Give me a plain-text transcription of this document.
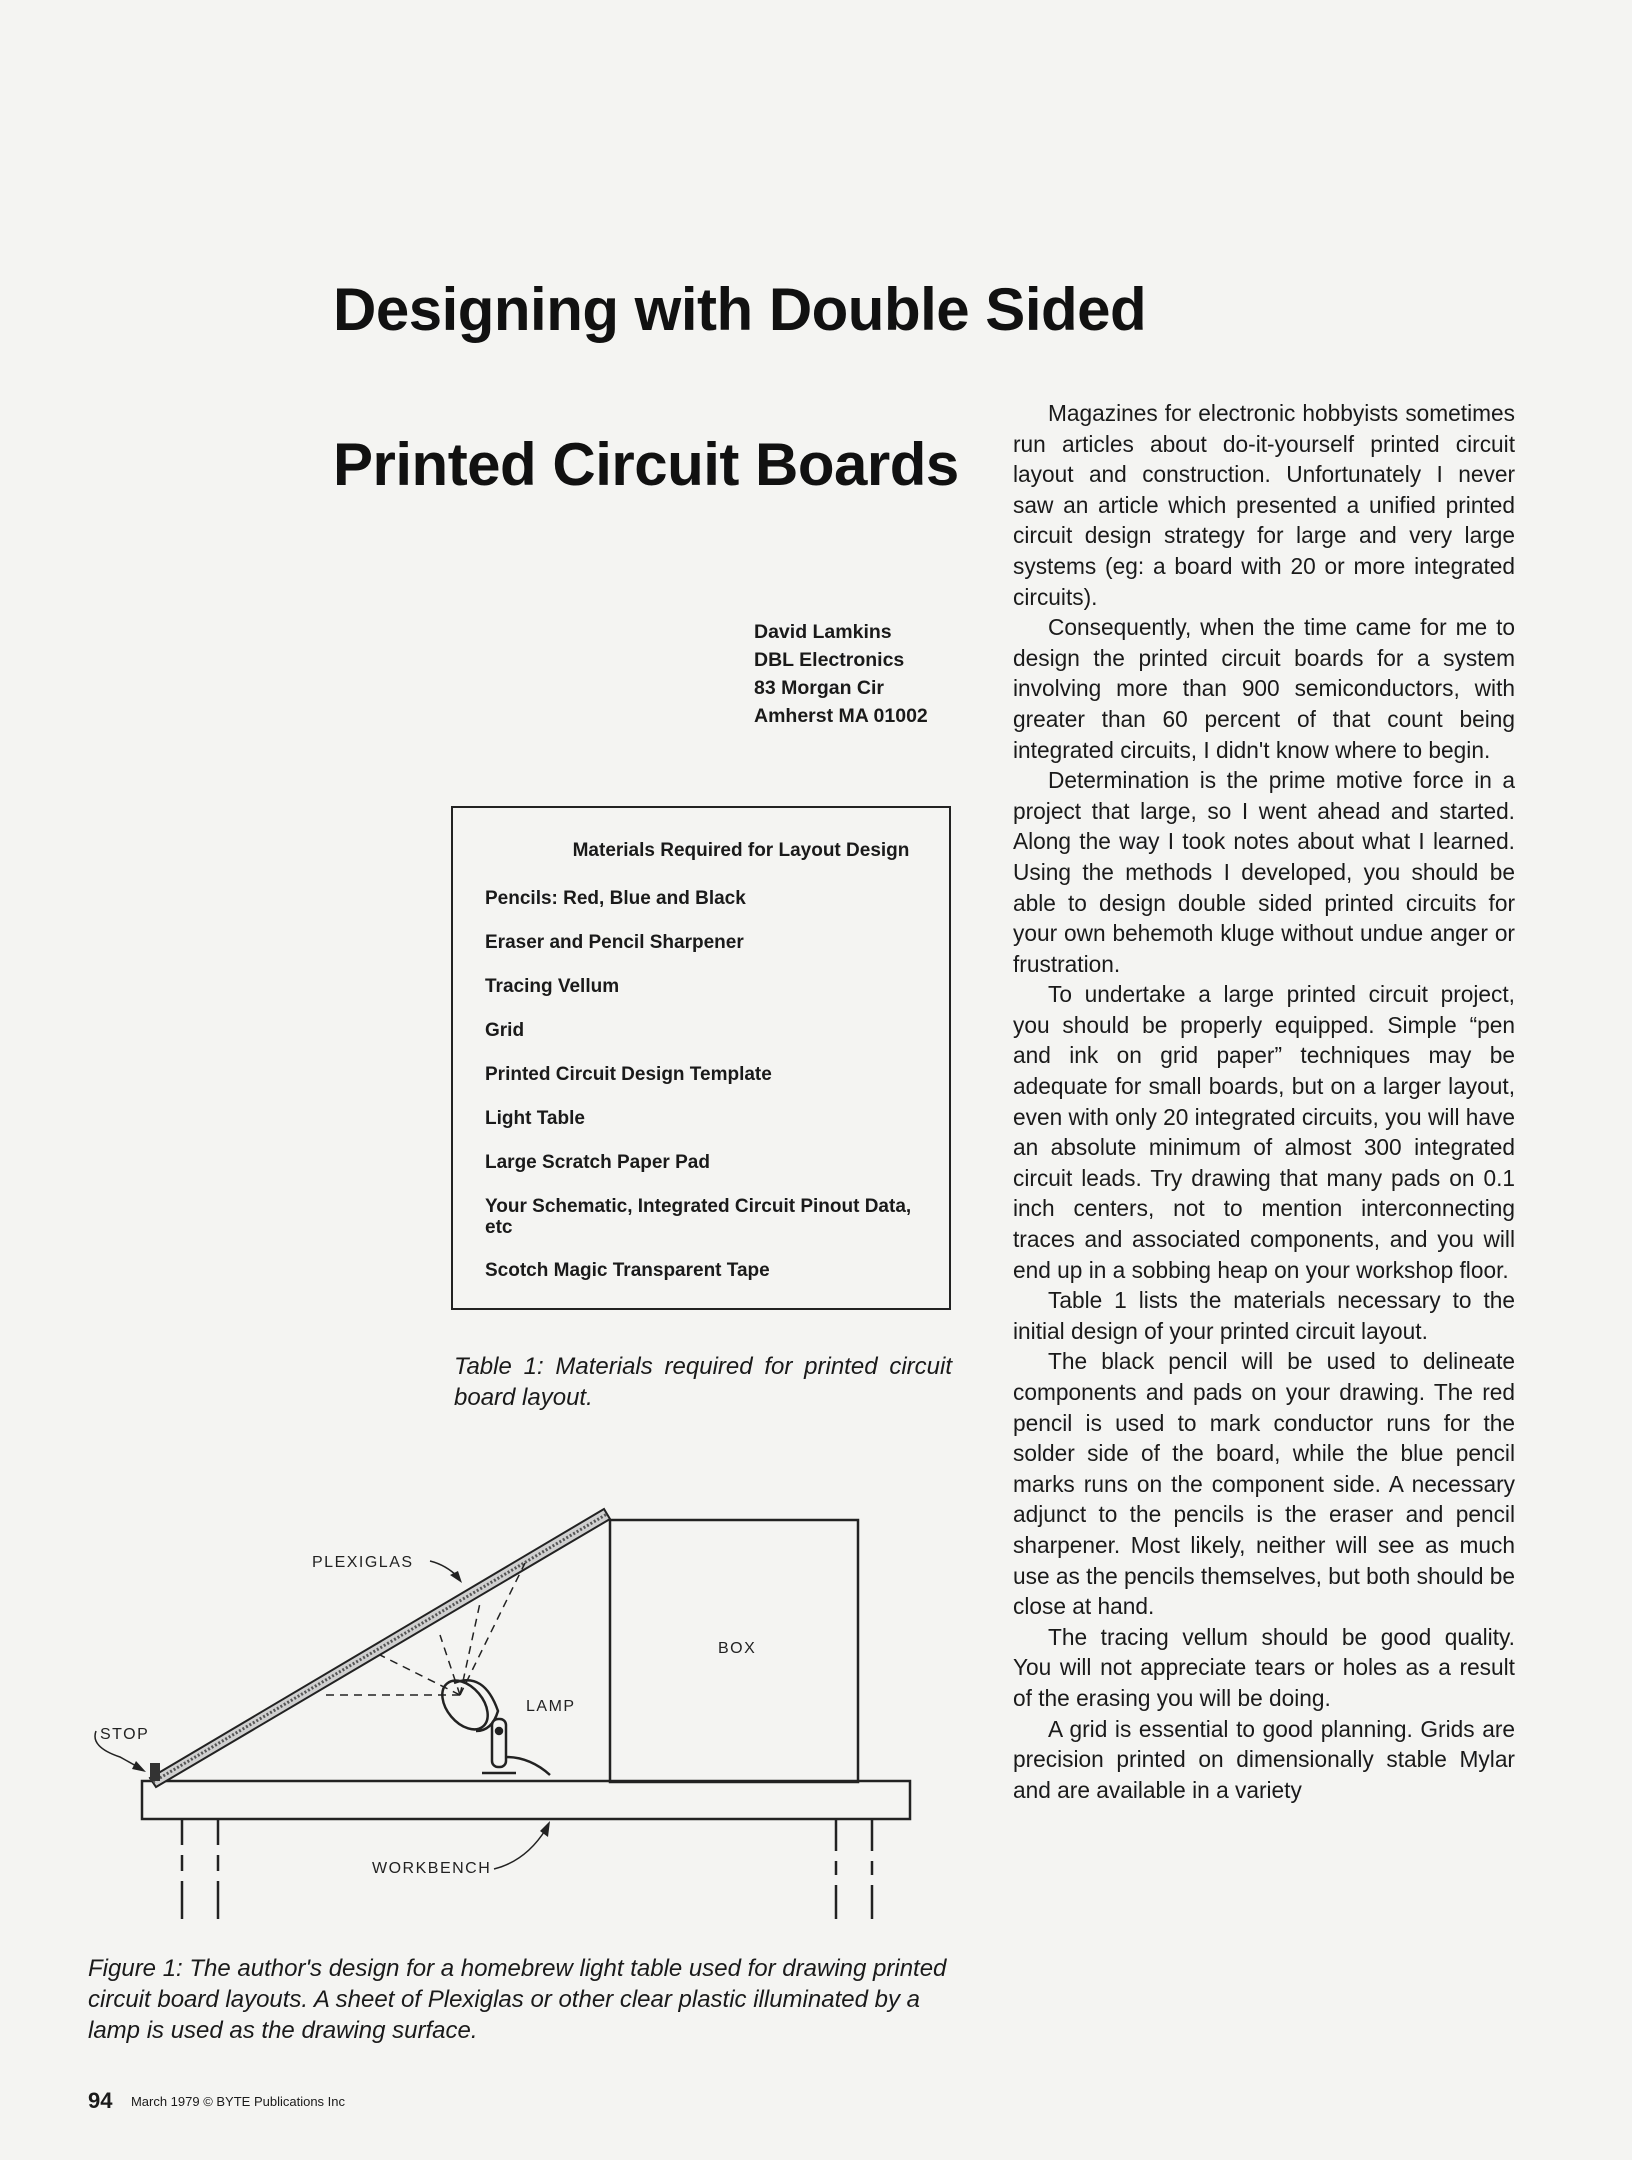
Designing with Double Sided
Printed Circuit Boards
David Lamkins
DBL Electronics
83 Morgan Cir
Amherst MA 01002
Materials Required for Layout Design
Pencils: Red, Blue and Black
Eraser and Pencil Sharpener
Tracing Vellum
Grid
Printed Circuit Design Template
Light Table
Large Scratch Paper Pad
Your Schematic, Integrated Circuit Pinout Data, etc
Scotch Magic Transparent Tape

Table 1: Materials required for printed circuit board layout.

BOX
LAMP
PLEXIGLAS
STOP
WORKBENCH

Figure 1: The author's design for a homebrew light table used for drawing printed circuit board layouts. A sheet of Plexiglas or other clear plastic illuminated by a lamp is used as the drawing surface.

Magazines for electronic hobbyists sometimes run articles about do-it-yourself printed circuit layout and construction. Unfortunately I never saw an article which presented a unified printed circuit design strategy for large and very large systems (eg: a board with 20 or more integrated circuits).

Consequently, when the time came for me to design the printed circuit boards for a system involving more than 900 semiconductors, with greater than 60 percent of that count being integrated circuits, I didn't know where to begin.

Determination is the prime motive force in a project that large, so I went ahead and started. Along the way I took notes about what I learned. Using the methods I developed, you should be able to design double sided printed circuits for your own behemoth kluge without undue anger or frustration.

To undertake a large printed circuit project, you should be properly equipped. Simple “pen and ink on grid paper” techniques may be adequate for small boards, but on a larger layout, even with only 20 integrated circuits, you will have an absolute minimum of almost 300 integrated circuit leads. Try drawing that many pads on 0.1 inch centers, not to mention interconnecting traces and associated components, and you will end up in a sobbing heap on your workshop floor.

Table 1 lists the materials necessary to the initial design of your printed circuit layout.

The black pencil will be used to delineate components and pads on your drawing. The red pencil is used to mark conductor runs for the solder side of the board, while the blue pencil marks runs on the component side. A necessary adjunct to the pencils is the eraser and pencil sharpener. Most likely, neither will see as much use as the pencils themselves, but both should be close at hand.

The tracing vellum should be good quality. You will not appreciate tears or holes as a result of the erasing you will be doing.

A grid is essential to good planning. Grids are precision printed on dimensionally stable Mylar and are available in a variety

94 March 1979 © BYTE Publications Inc
